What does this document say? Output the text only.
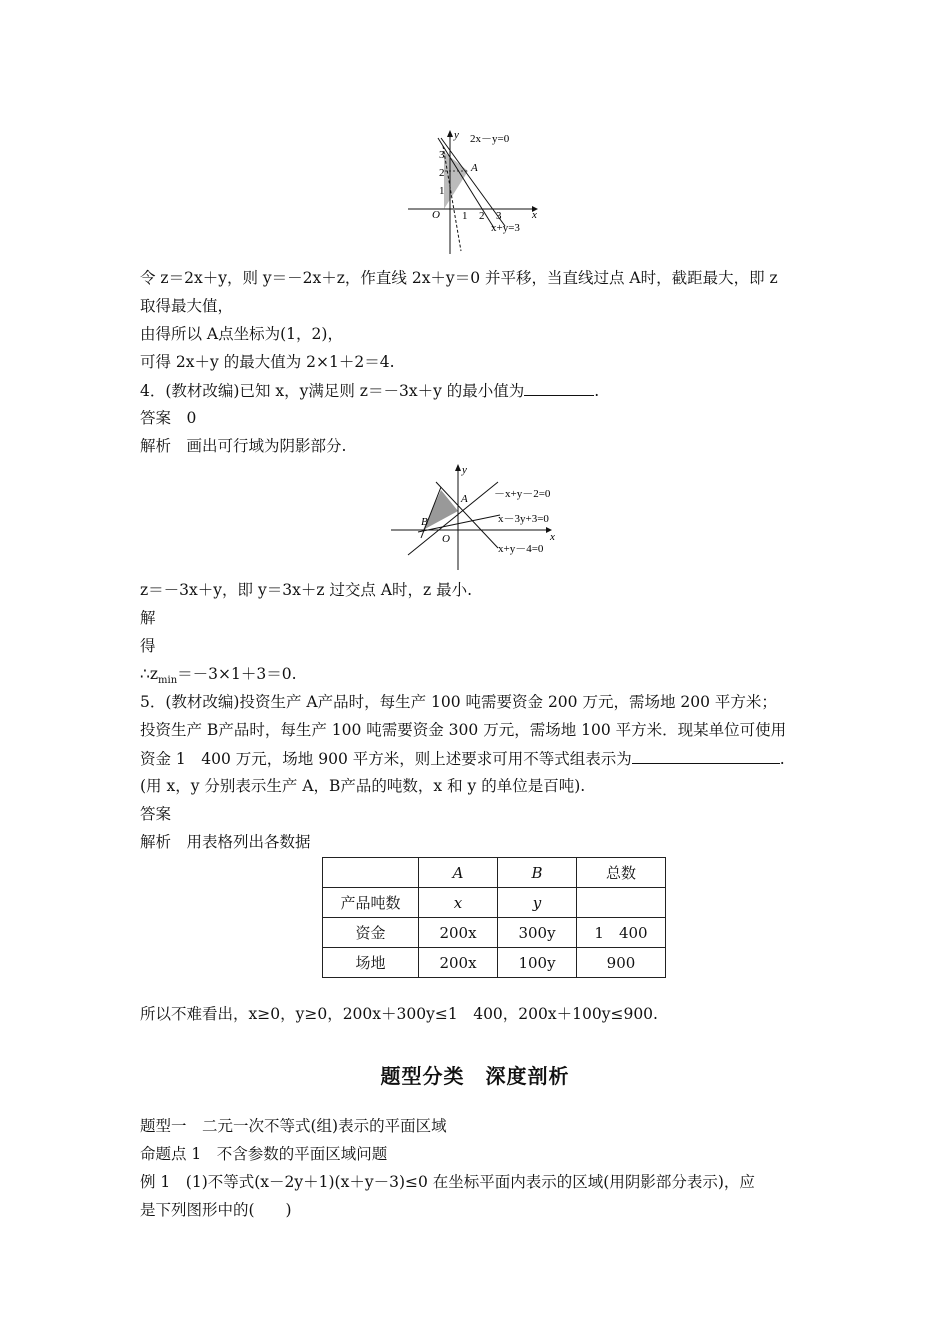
y
x
O
A
2x－y=0
x+y=3
1 2 3
1
2
3
令 z＝2x＋y，则 y＝－2x＋z，作直线 2x＋y＝0 并平移，当直线过点 A时，截距最大，即 z
取得最大值，
由得所以 A点坐标为(1，2)，
可得 2x＋y 的最大值为 2×1＋2＝4.
4．(教材改编)已知 x，y满足则 z＝－3x＋y 的最小值为	.
答案　0
解析　画出可行域为阴影部分.
y
x
O
A
B
－x+y－2=0
x－3y+3=0
x+y－4=0
z＝－3x＋y，即 y＝3x＋z 过交点 A时，z 最小.
解
得
$\therefore z_{min}=-3\times 1+3=0$.
5．(教材改编)投资生产 A产品时，每生产 100 吨需要资金 200 万元，需场地 200 平方米；
投资生产 B产品时，每生产 100 吨需要资金 300 万元，需场地 100 平方米．现某单位可使用
资金 1　400 万元，场地 900 平方米，则上述要求可用不等式组表示为	.
(用 x，y 分别表示生产 A，B产品的吨数，x 和 y 的单位是百吨).
答案
解析　用表格列出各数据
	A	B	总数
产品吨数	x	y	
资金	200x	300y	1　400
场地	200x	100y	900
所以不难看出，x≥0，y≥0，200x＋300y≤1　400，200x＋100y≤900.
题型分类　深度剖析
题型一　二元一次不等式(组)表示的平面区域
命题点 1　不含参数的平面区域问题
例 1　(1)不等式(x－2y＋1)(x＋y－3)≤0 在坐标平面内表示的区域(用阴影部分表示)，应
是下列图形中的(　　)
